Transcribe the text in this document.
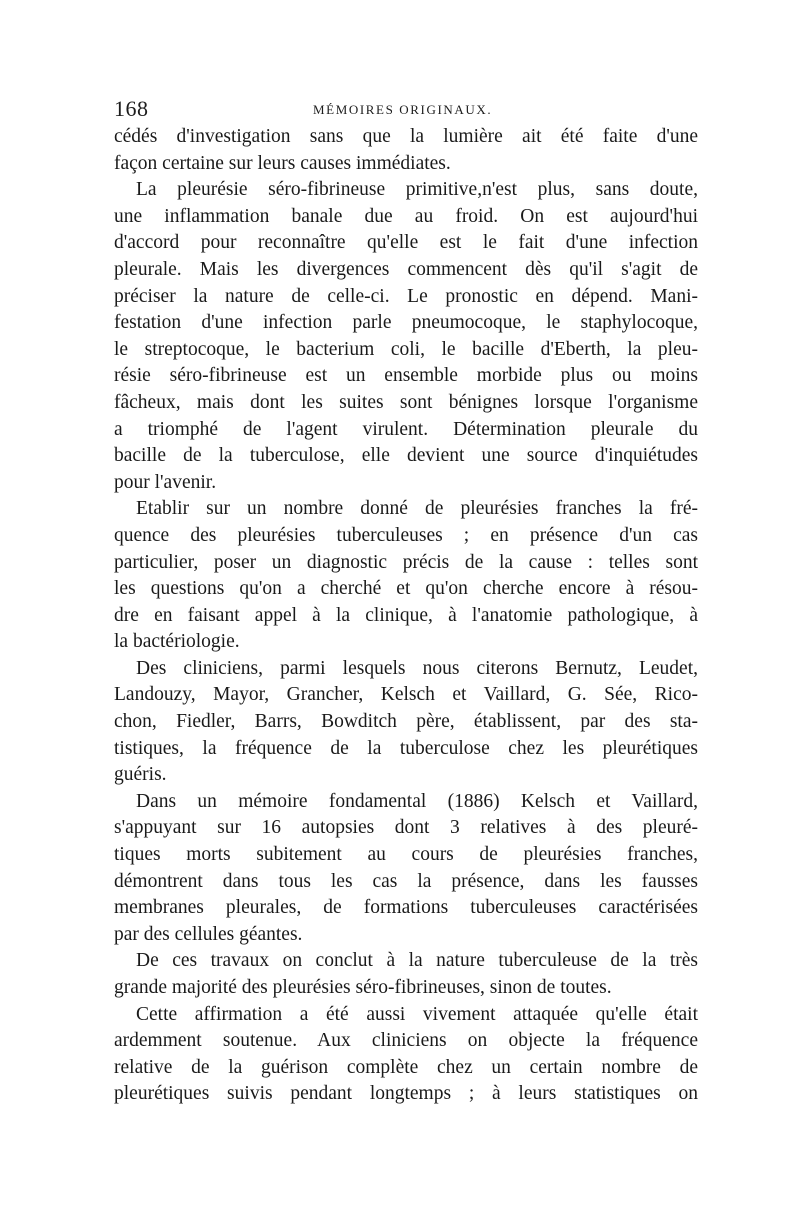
168	MÉMOIRES ORIGINAUX.
cédés d'investigation sans que la lumière ait été faite d'une
façon certaine sur leurs causes immédiates.
La pleurésie séro-fibrineuse primitive,n'est plus, sans doute,
une inflammation banale due au froid. On est aujourd'hui
d'accord pour reconnaître qu'elle est le fait d'une infection
pleurale. Mais les divergences commencent dès qu'il s'agit de
préciser la nature de celle-ci. Le pronostic en dépend. Mani-
festation d'une infection parle pneumocoque, le staphylocoque,
le streptocoque, le bacterium coli, le bacille d'Eberth, la pleu-
résie séro-fibrineuse est un ensemble morbide plus ou moins
fâcheux, mais dont les suites sont bénignes lorsque l'organisme
a triomphé de l'agent virulent. Détermination pleurale du
bacille de la tuberculose, elle devient une source d'inquiétudes
pour l'avenir.
Etablir sur un nombre donné de pleurésies franches la fré-
quence des pleurésies tuberculeuses ; en présence d'un cas
particulier, poser un diagnostic précis de la cause : telles sont
les questions qu'on a cherché et qu'on cherche encore à résou-
dre en faisant appel à la clinique, à l'anatomie pathologique, à
la bactériologie.
Des cliniciens, parmi lesquels nous citerons Bernutz, Leudet,
Landouzy, Mayor, Grancher, Kelsch et Vaillard, G. Sée, Rico-
chon, Fiedler, Barrs, Bowditch père, établissent, par des sta-
tistiques, la fréquence de la tuberculose chez les pleurétiques
guéris.
Dans un mémoire fondamental (1886) Kelsch et Vaillard,
s'appuyant sur 16 autopsies dont 3 relatives à des pleuré-
tiques morts subitement au cours de pleurésies franches,
démontrent dans tous les cas la présence, dans les fausses
membranes pleurales, de formations tuberculeuses caractérisées
par des cellules géantes.
De ces travaux on conclut à la nature tuberculeuse de la très
grande majorité des pleurésies séro-fibrineuses, sinon de toutes.
Cette affirmation a été aussi vivement attaquée qu'elle était
ardemment soutenue. Aux cliniciens on objecte la fréquence
relative de la guérison complète chez un certain nombre de
pleurétiques suivis pendant longtemps ; à leurs statistiques on
